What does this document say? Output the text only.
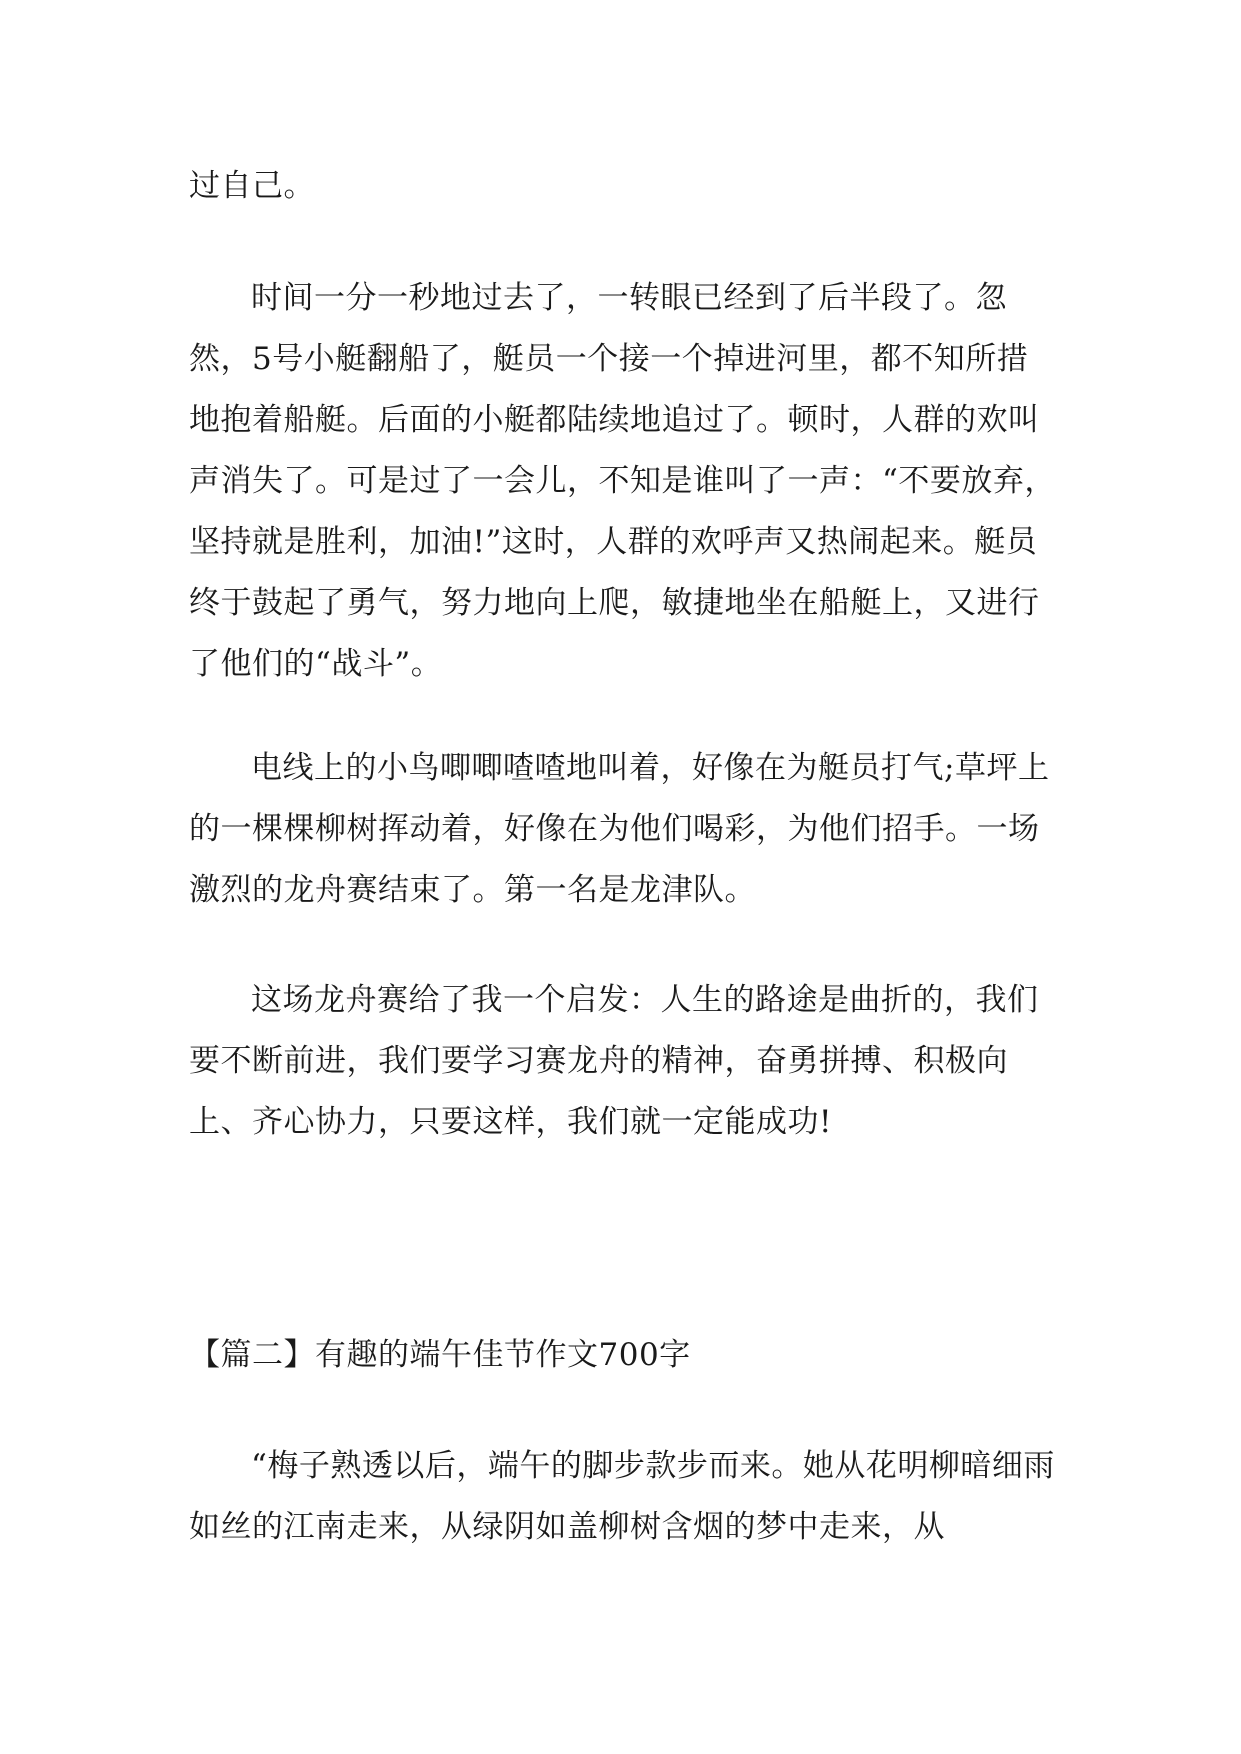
过自己。

时间一分一秒地过去了，一转眼已经到了后半段了。忽然，5号小艇翻船了，艇员一个接一个掉进河里，都不知所措地抱着船艇。后面的小艇都陆续地追过了。顿时，人群的欢叫声消失了。可是过了一会儿，不知是谁叫了一声：“不要放弃，坚持就是胜利，加油!”这时，人群的欢呼声又热闹起来。艇员终于鼓起了勇气，努力地向上爬，敏捷地坐在船艇上，又进行了他们的“战斗”。

电线上的小鸟唧唧喳喳地叫着，好像在为艇员打气;草坪上的一棵棵柳树挥动着，好像在为他们喝彩，为他们招手。一场激烈的龙舟赛结束了。第一名是龙津队。

这场龙舟赛给了我一个启发：人生的路途是曲折的，我们要不断前进，我们要学习赛龙舟的精神，奋勇拼搏、积极向上、齐心协力，只要这样，我们就一定能成功!

【篇二】有趣的端午佳节作文700字

“梅子熟透以后，端午的脚步款步而来。她从花明柳暗细雨如丝的江南走来，从绿阴如盖柳树含烟的梦中走来，从
